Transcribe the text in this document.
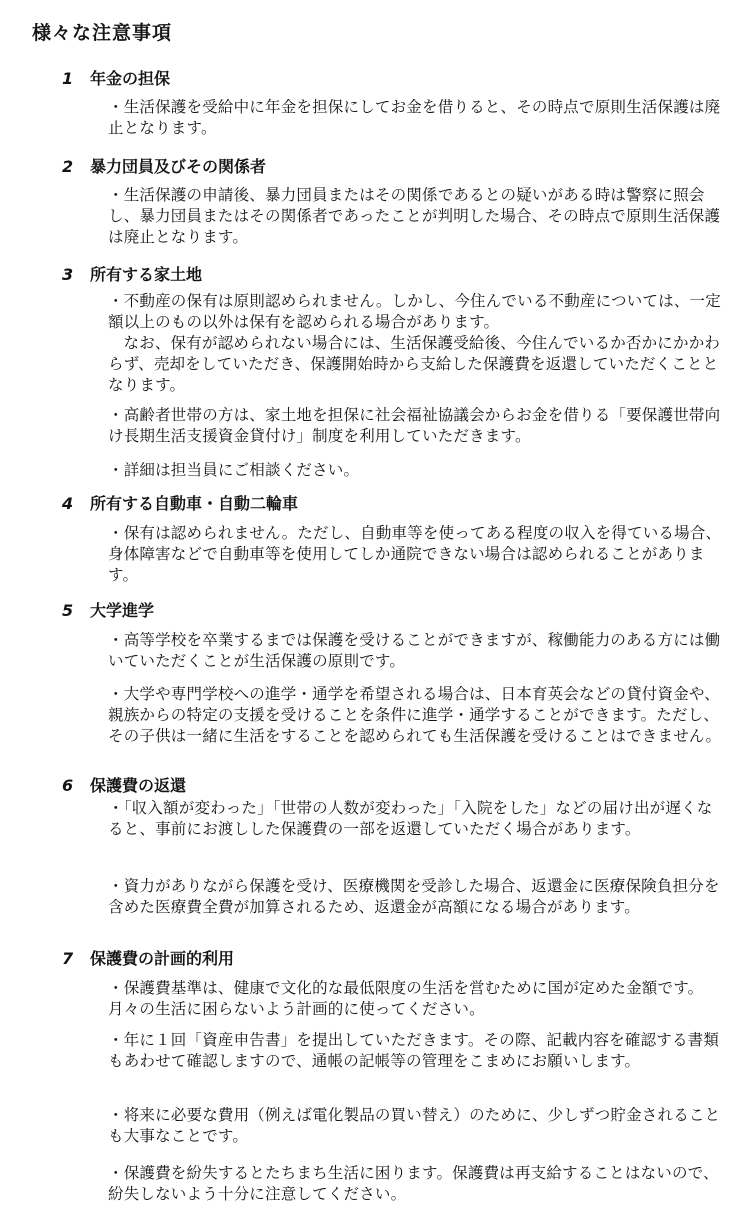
様々な注意事項
1 年金の担保

・生活保護を受給中に年金を担保にしてお金を借りると、その時点で原則生活保護は廃止となります。

2 暴力団員及びその関係者

・生活保護の申請後、暴力団員またはその関係であるとの疑いがある時は警察に照会し、暴力団員またはその関係者であったことが判明した場合、その時点で原則生活保護は廃止となります。

3 所有する家土地

・不動産の保有は原則認められません。しかし、今住んでいる不動産については、一定額以上のもの以外は保有を認められる場合があります。

なお、保有が認められない場合には、生活保護受給後、今住んでいるか否かにかかわらず、売却をしていただき、保護開始時から支給した保護費を返還していただくこととなります。

・高齢者世帯の方は、家土地を担保に社会福祉協議会からお金を借りる「要保護世帯向け長期生活支援資金貸付け」制度を利用していただきます。

・詳細は担当員にご相談ください。

4 所有する自動車・自動二輪車

・保有は認められません。ただし、自動車等を使ってある程度の収入を得ている場合、身体障害などで自動車等を使用してしか通院できない場合は認められることがあります。

5 大学進学

・高等学校を卒業するまでは保護を受けることができますが、稼働能力のある方には働いていただくことが生活保護の原則です。

・大学や専門学校への進学・通学を希望される場合は、日本育英会などの貸付資金や、親族からの特定の支援を受けることを条件に進学・通学することができます。ただし、その子供は一緒に生活をすることを認められても生活保護を受けることはできません。

6 保護費の返還

・「収入額が変わった」「世帯の人数が変わった」「入院をした」などの届け出が遅くなると、事前にお渡しした保護費の一部を返還していただく場合があります。

・資力がありながら保護を受け、医療機関を受診した場合、返還金に医療保険負担分を含めた医療費全費が加算されるため、返還金が高額になる場合があります。

7 保護費の計画的利用

・保護費基準は、健康で文化的な最低限度の生活を営むために国が定めた金額です。月々の生活に困らないよう計画的に使ってください。

・年に１回「資産申告書」を提出していただきます。その際、記載内容を確認する書類もあわせて確認しますので、通帳の記帳等の管理をこまめにお願いします。

・将来に必要な費用（例えば電化製品の買い替え）のために、少しずつ貯金されることも大事なことです。

・保護費を紛失するとたちまち生活に困ります。保護費は再支給することはないので、紛失しないよう十分に注意してください。
